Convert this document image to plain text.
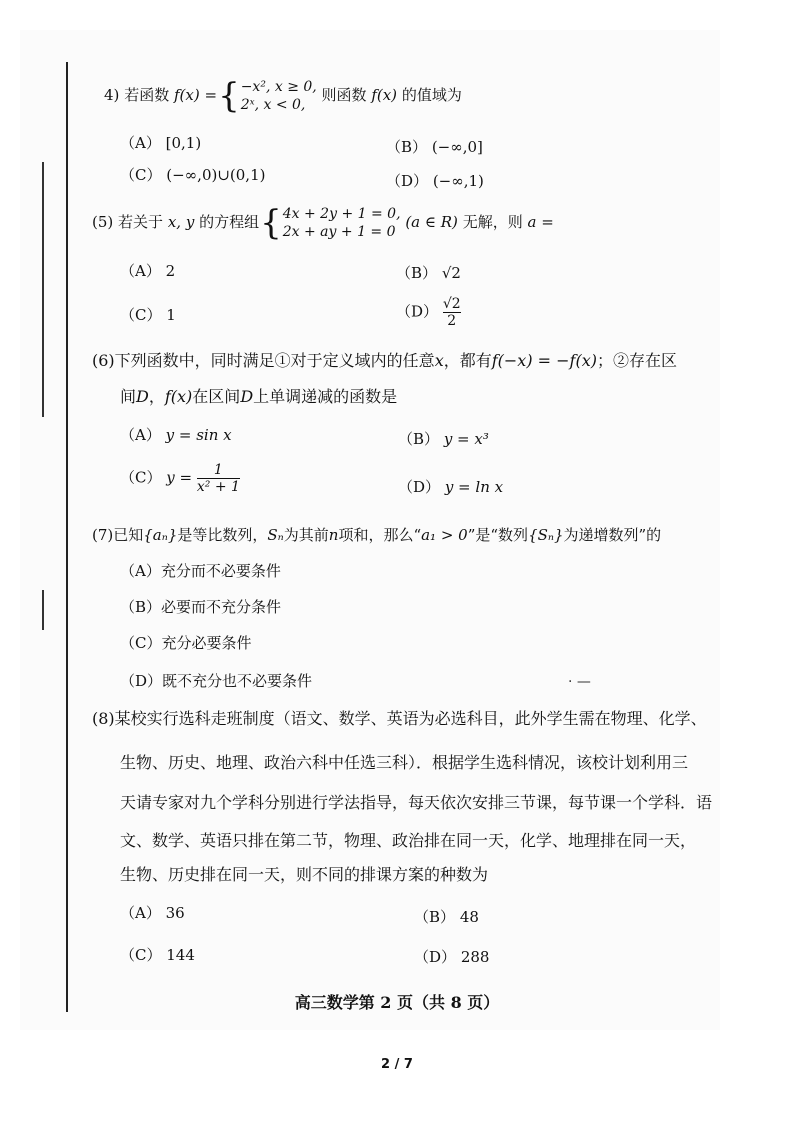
4) 若函数 f(x) ={ −x², x ≥ 0,
2ˣ, x < 0,
则函数 f(x) 的值域为
（A） [0,1)	（B） (−∞,0]
（C） (−∞,0)∪(0,1)	（D） (−∞,1)
(5) 若关于 x, y 的方程组{ 4x + 2y + 1 = 0,
2x + ay + 1 = 0
(a ∈ R) 无解，则 a =
（A） 2	（B） √2
（C） 1	$(D) \frac{√2}{2}$
(6)下列函数中，同时满足①对于定义域内的任意x，都有f(−x) = −f(x)；②存在区
间D，f(x)在区间D上单调递减的函数是
（A） y = sin x	（B） y = x³
（C） $y = \frac{1}{\text{x² + 1}}$	（D） y = ln x
(7)已知{aₙ}是等比数列，Sₙ为其前n项和，那么“a₁ > 0”是“数列{Sₙ}为递增数列”的
（A）充分而不必要条件
（B）必要而不充分条件
（C）充分必要条件
（D）既不充分也不必要条件
(8)某校实行选科走班制度（语文、数学、英语为必选科目，此外学生需在物理、化学、
生物、历史、地理、政治六科中任选三科）．根据学生选科情况，该校计划利用三
天请专家对九个学科分别进行学法指导，每天依次安排三节课，每节课一个学科．语
文、数学、英语只排在第二节，物理、政治排在同一天，化学、地理排在同一天，
生物、历史排在同一天，则不同的排课方案的种数为
（A） 36	（B） 48
（C） 144	（D） 288
· —
高三数学第 2 页（共 8 页）
2 / 7
